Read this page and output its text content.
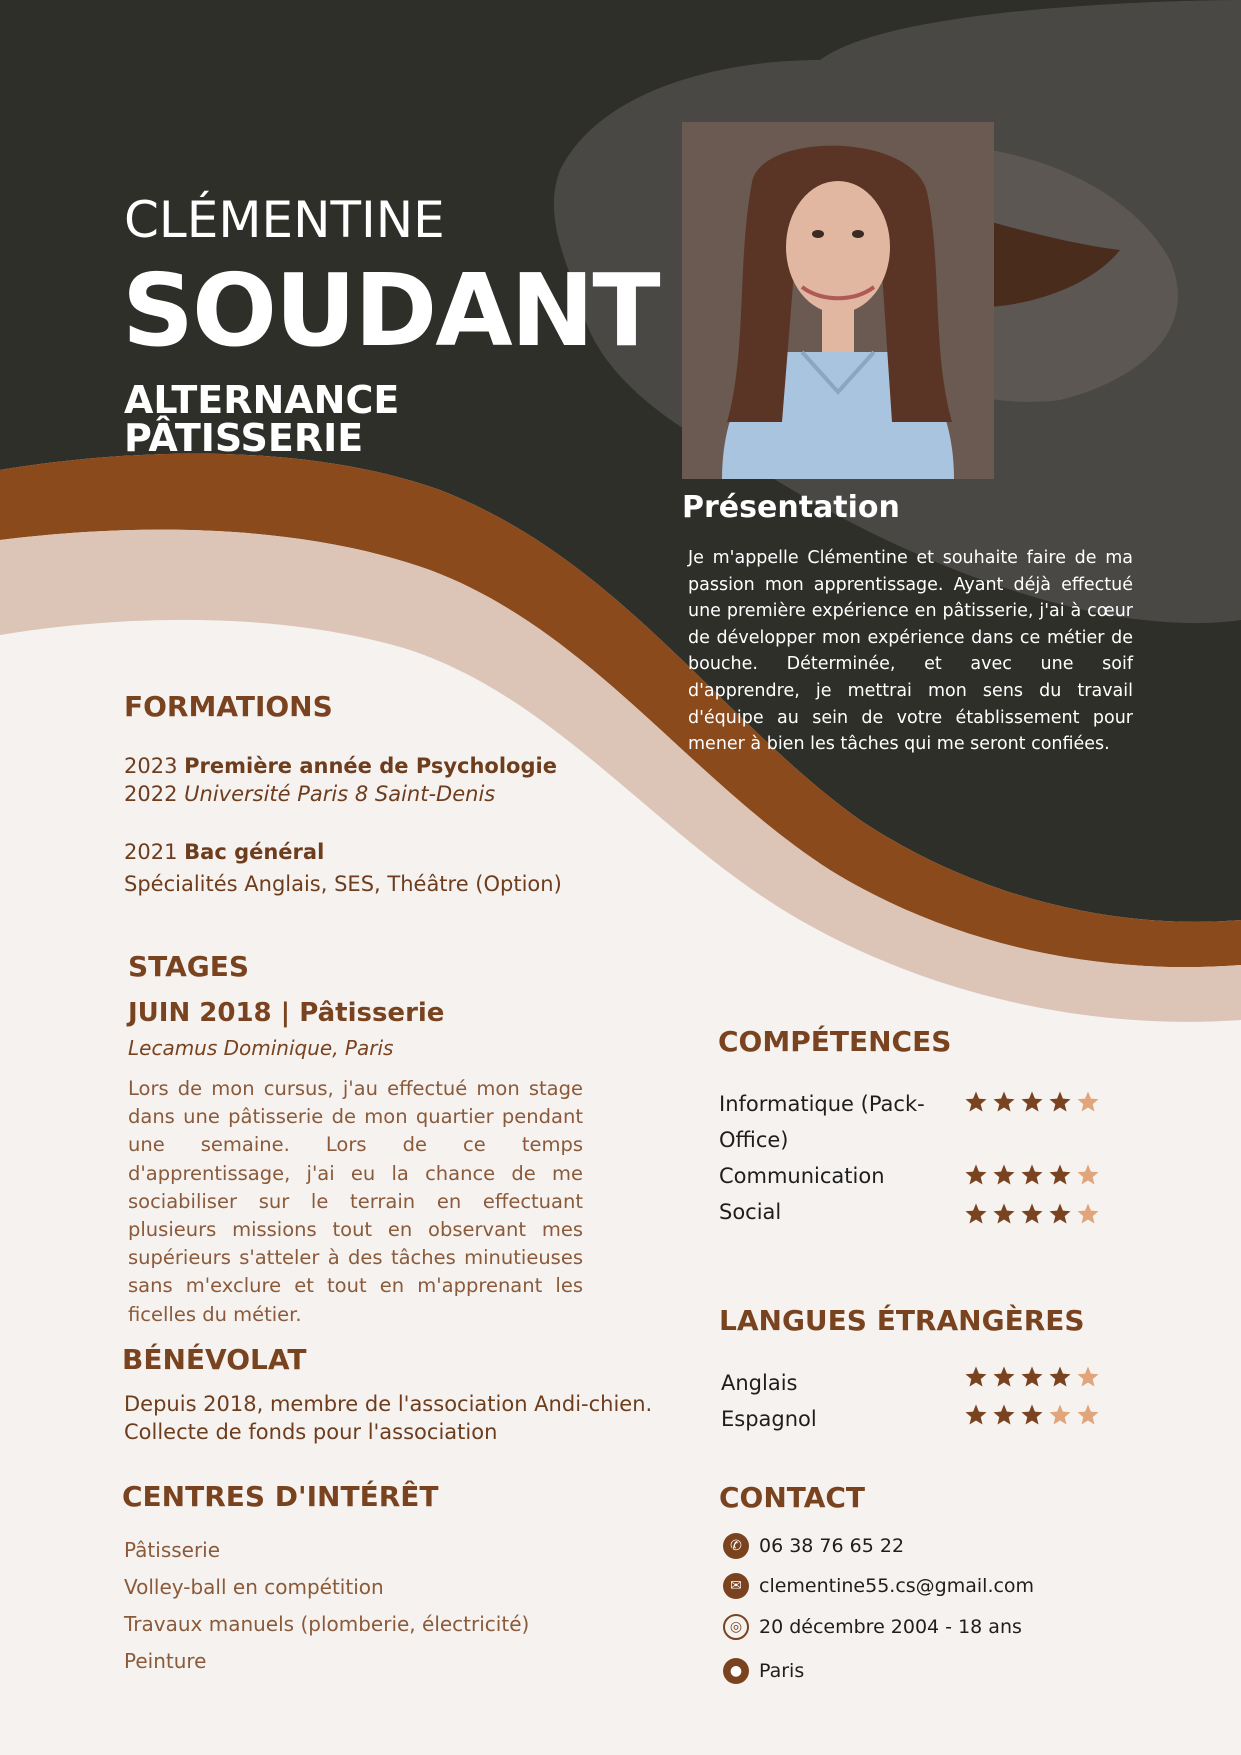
CLÉMENTINE
SOUDANT
ALTERNANCE
PÂTISSERIE
Présentation
Je m'appelle Clémentine et souhaite faire de ma passion mon apprentissage. Ayant déjà effectué une première expérience en pâtisserie, j'ai à cœur de développer mon expérience dans ce métier de bouche. Déterminée, et avec une soif d'apprendre, je mettrai mon sens du travail d'équipe au sein de votre établissement pour mener à bien les tâches qui me seront confiées.
FORMATIONS
2023 Première année de Psychologie
2022 Université Paris 8 Saint-Denis
2021 Bac général
Spécialités Anglais, SES, Théâtre (Option)
STAGES
JUIN 2018 | Pâtisserie
Lecamus Dominique, Paris
Lors de mon cursus, j'au effectué mon stage dans une pâtisserie de mon quartier pendant une semaine. Lors de ce temps d'apprentissage, j'ai eu la chance de me sociabiliser sur le terrain en effectuant plusieurs missions tout en observant mes supérieurs s'atteler à des tâches minutieuses sans m'exclure et tout en m'apprenant les ficelles du métier.
BÉNÉVOLAT
Depuis 2018, membre de l'association Andi-chien.
Collecte de fonds pour l'association
CENTRES D'INTÉRÊT
Pâtisserie
Volley-ball en compétition
Travaux manuels (plomberie, électricité)
Peinture
COMPÉTENCES
Informatique (Pack-Office)
Communication
Social
LANGUES ÉTRANGÈRES
Anglais
Espagnol
CONTACT
✆ 06 38 76 65 22
✉ clementine55.cs@gmail.com
◎ 20 décembre 2004 - 18 ans
● Paris
